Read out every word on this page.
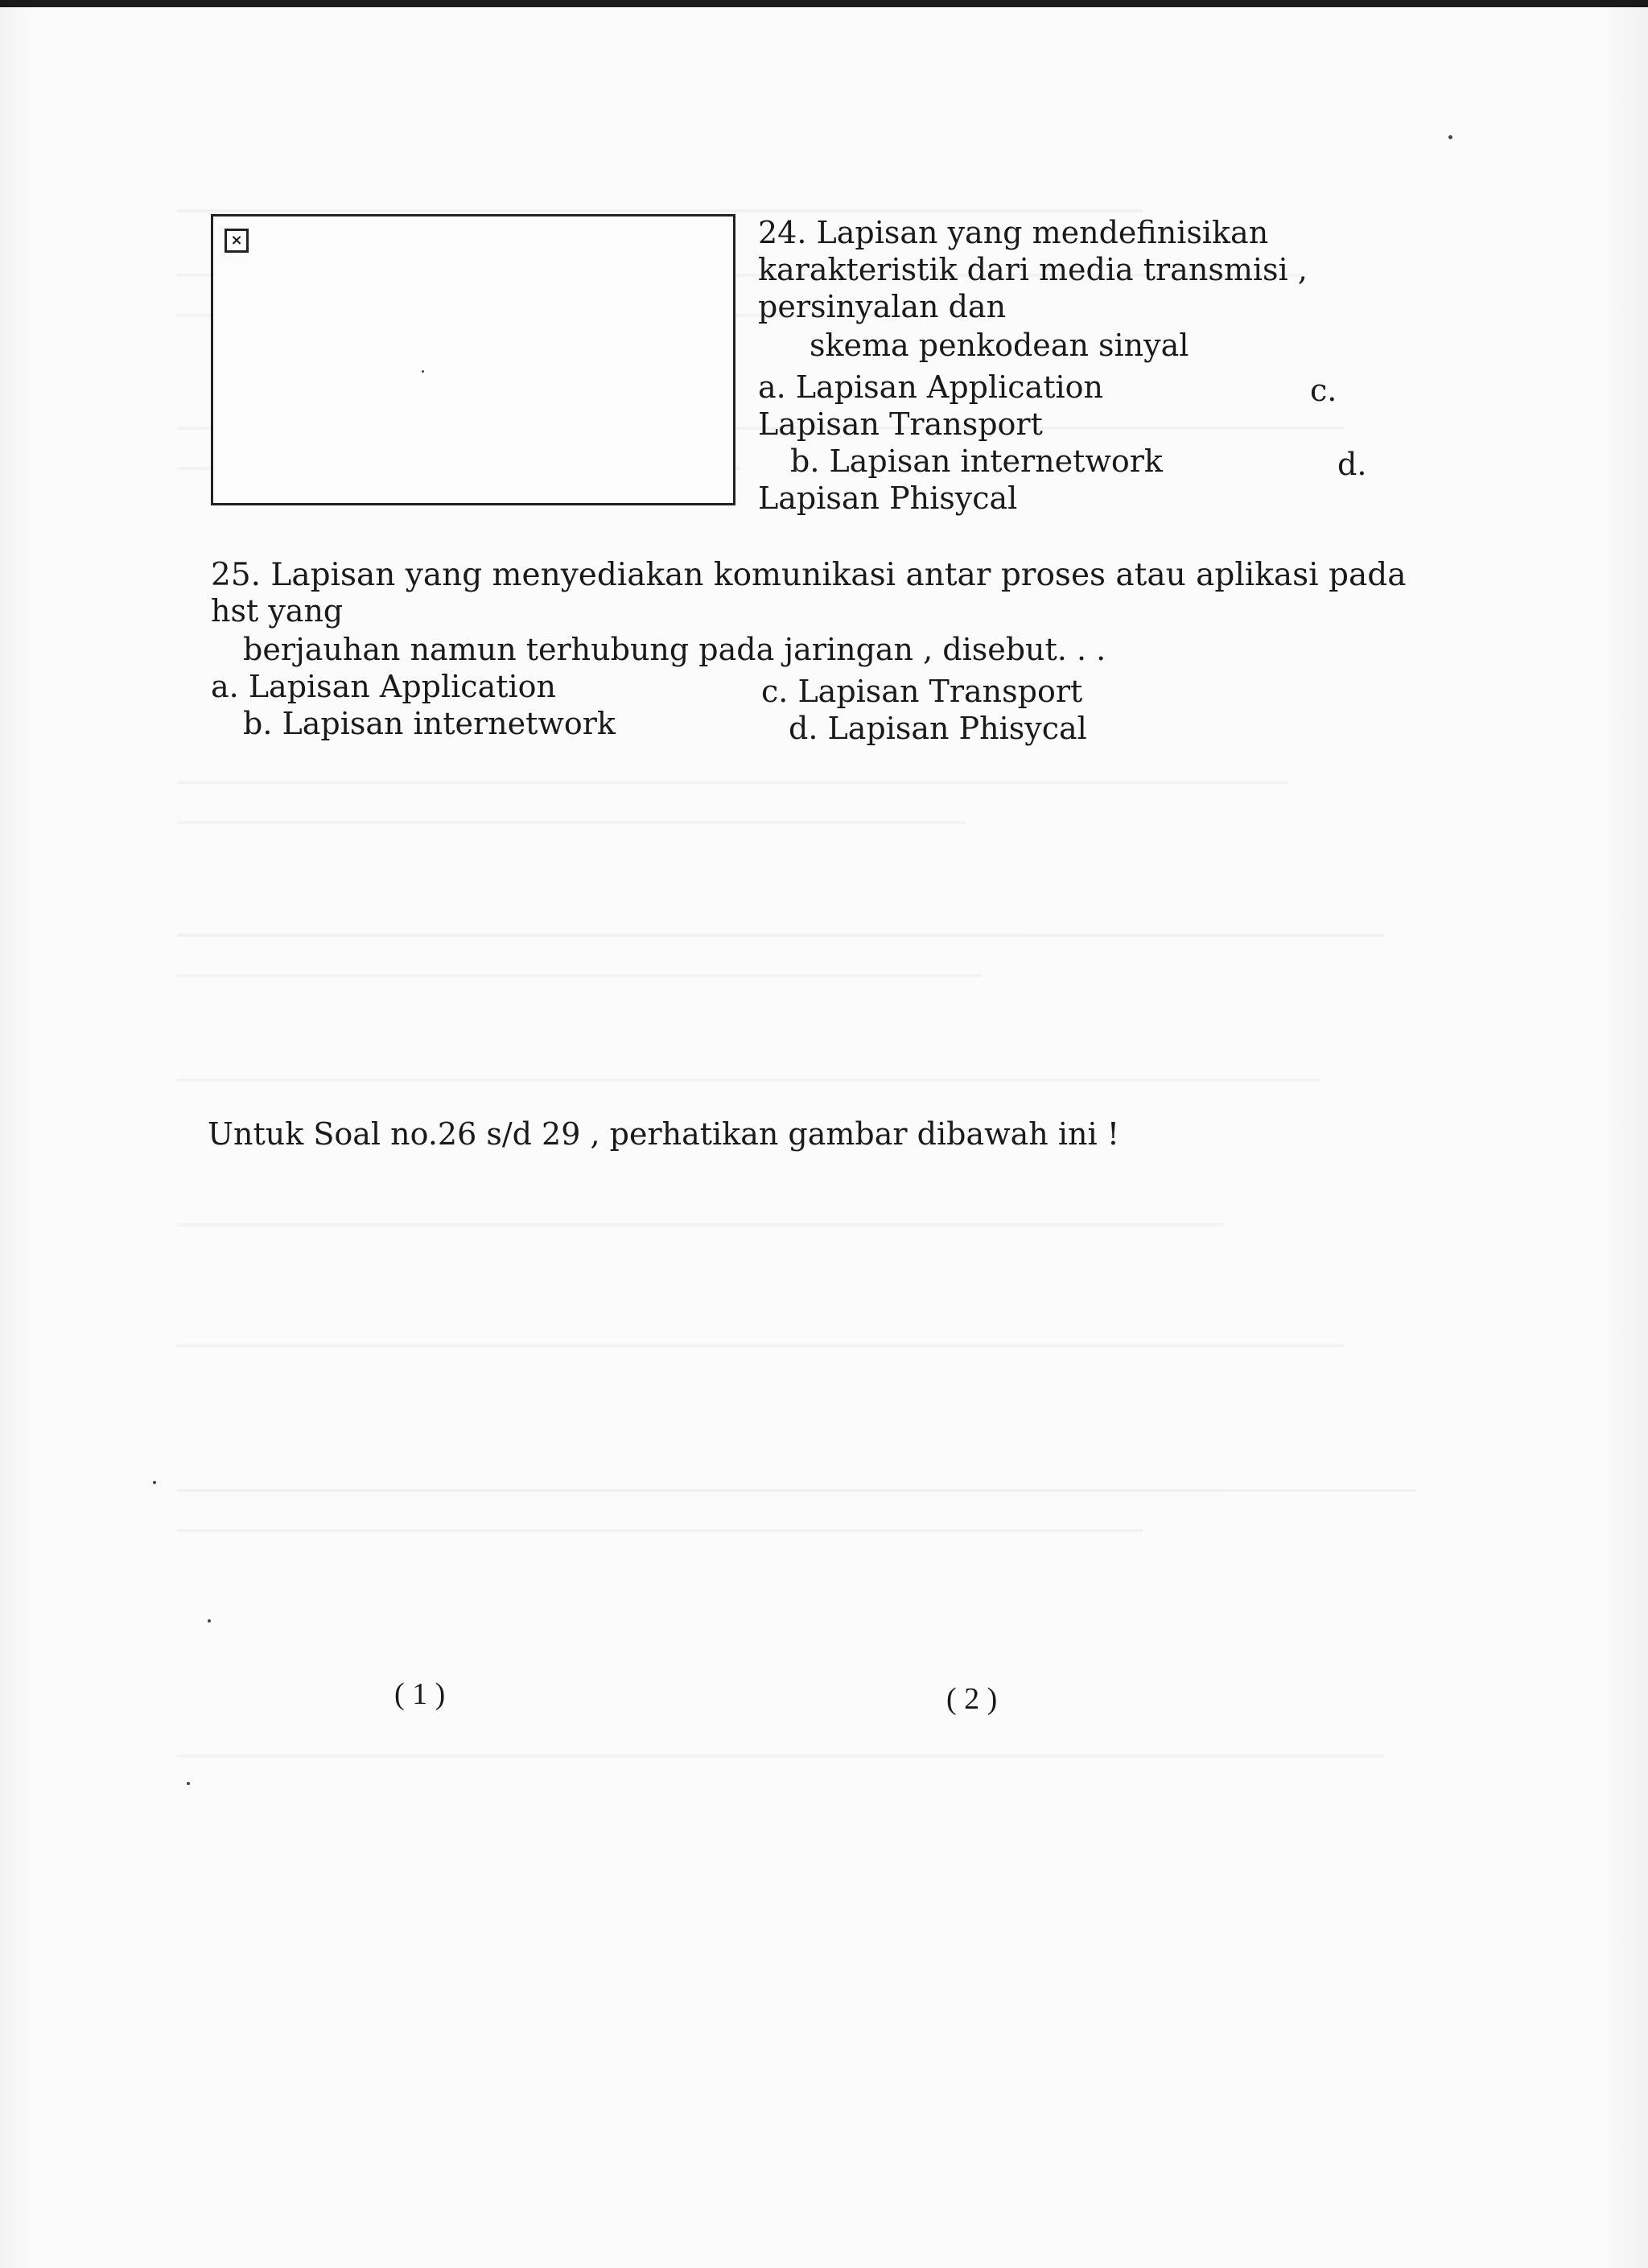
×	24. Lapisan yang mendefinisikan
karakteristik dari media transmisi ,
persinyalan dan
skema penkodean sinyal
a. Lapisan Application	c.
Lapisan Transport
b. Lapisan internetwork	d.
Lapisan Phisycal
25. Lapisan yang menyediakan komunikasi antar proses atau aplikasi pada
hst yang
berjauhan namun terhubung pada jaringan , disebut. . .
a. Lapisan Application	c. Lapisan Transport
b. Lapisan internetwork	d. Lapisan Phisycal
Untuk Soal no.26 s/d 29 , perhatikan gambar dibawah ini !
( 1 )	( 2 )
